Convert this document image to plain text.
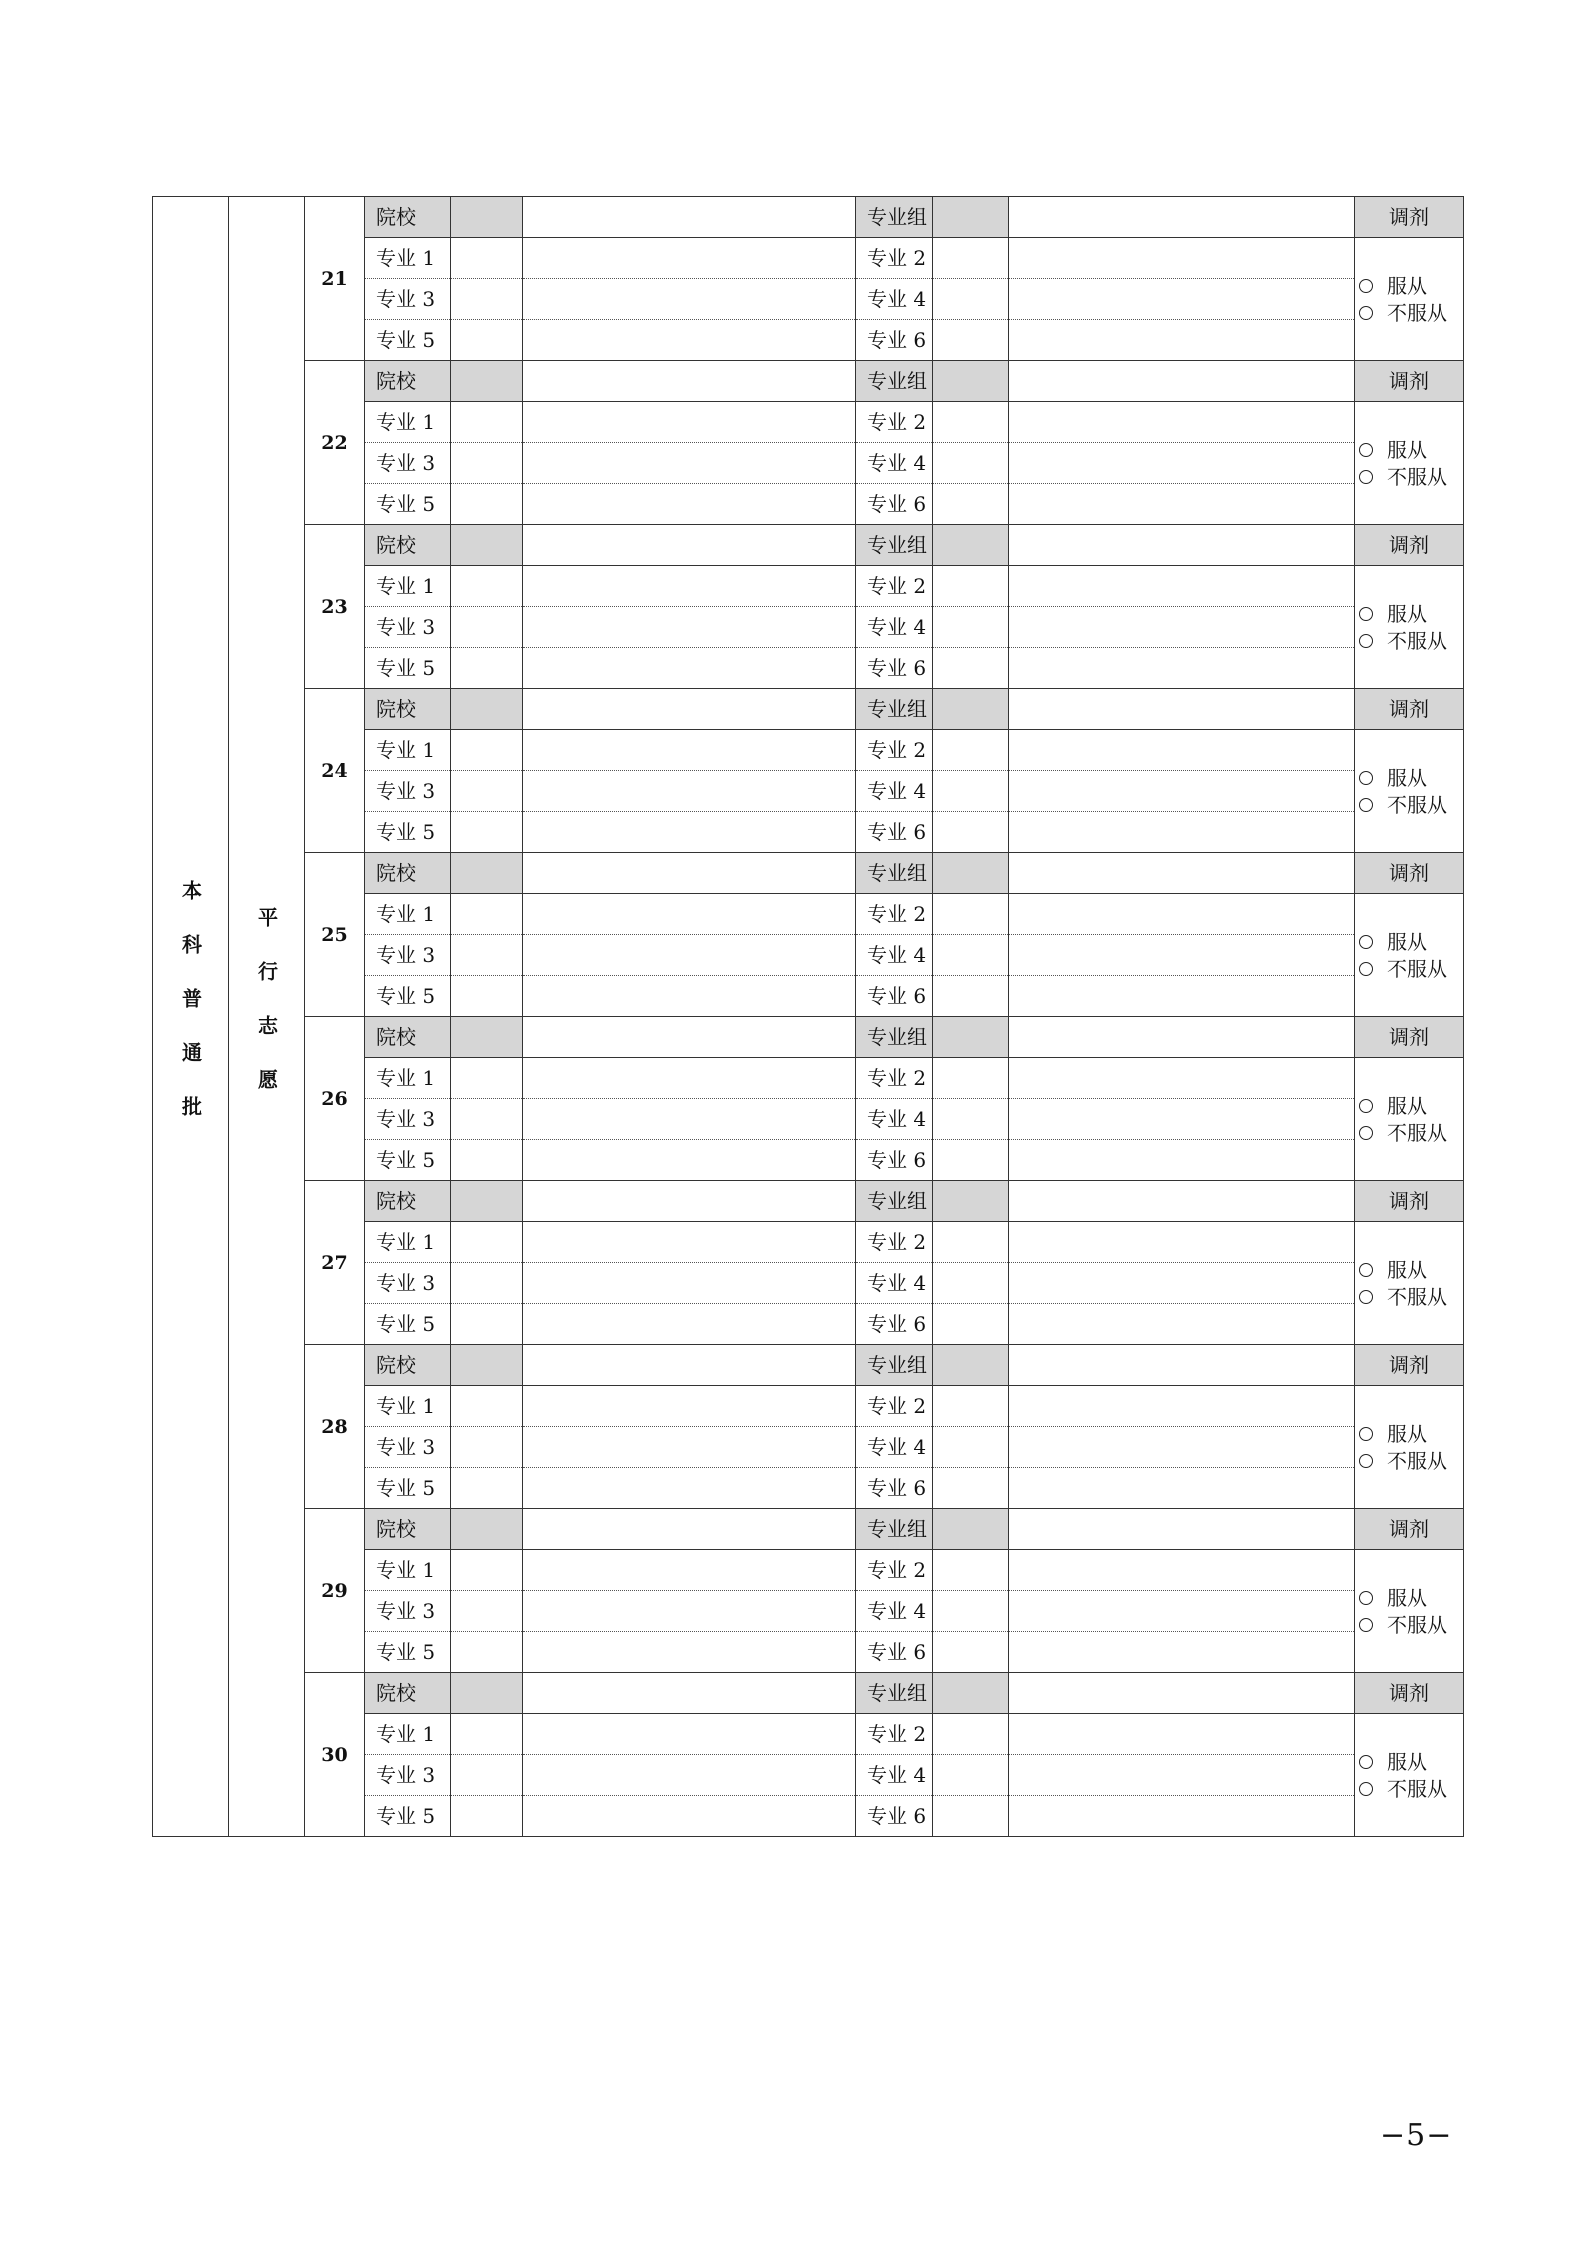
本科普通批	平行志愿	21	院校			专业组			调剂
			专业 1			专业 2			服从
不服从

			专业 3			专业 4			
			专业 5			专业 6			
		22	院校			专业组			调剂
			专业 1			专业 2			服从
不服从

			专业 3			专业 4			
			专业 5			专业 6			
		23	院校			专业组			调剂
			专业 1			专业 2			服从
不服从

			专业 3			专业 4			
			专业 5			专业 6			
		24	院校			专业组			调剂
			专业 1			专业 2			服从
不服从

			专业 3			专业 4			
			专业 5			专业 6			
		25	院校			专业组			调剂
			专业 1			专业 2			服从
不服从

			专业 3			专业 4			
			专业 5			专业 6			
		26	院校			专业组			调剂
			专业 1			专业 2			服从
不服从

			专业 3			专业 4			
			专业 5			专业 6			
		27	院校			专业组			调剂
			专业 1			专业 2			服从
不服从

			专业 3			专业 4			
			专业 5			专业 6			
		28	院校			专业组			调剂
			专业 1			专业 2			服从
不服从

			专业 3			专业 4			
			专业 5			专业 6			
		29	院校			专业组			调剂
			专业 1			专业 2			服从
不服从

			专业 3			专业 4			
			专业 5			专业 6			
		30	院校			专业组			调剂
			专业 1			专业 2			服从
不服从

			专业 3			专业 4			
			专业 5			专业 6			
−5−
